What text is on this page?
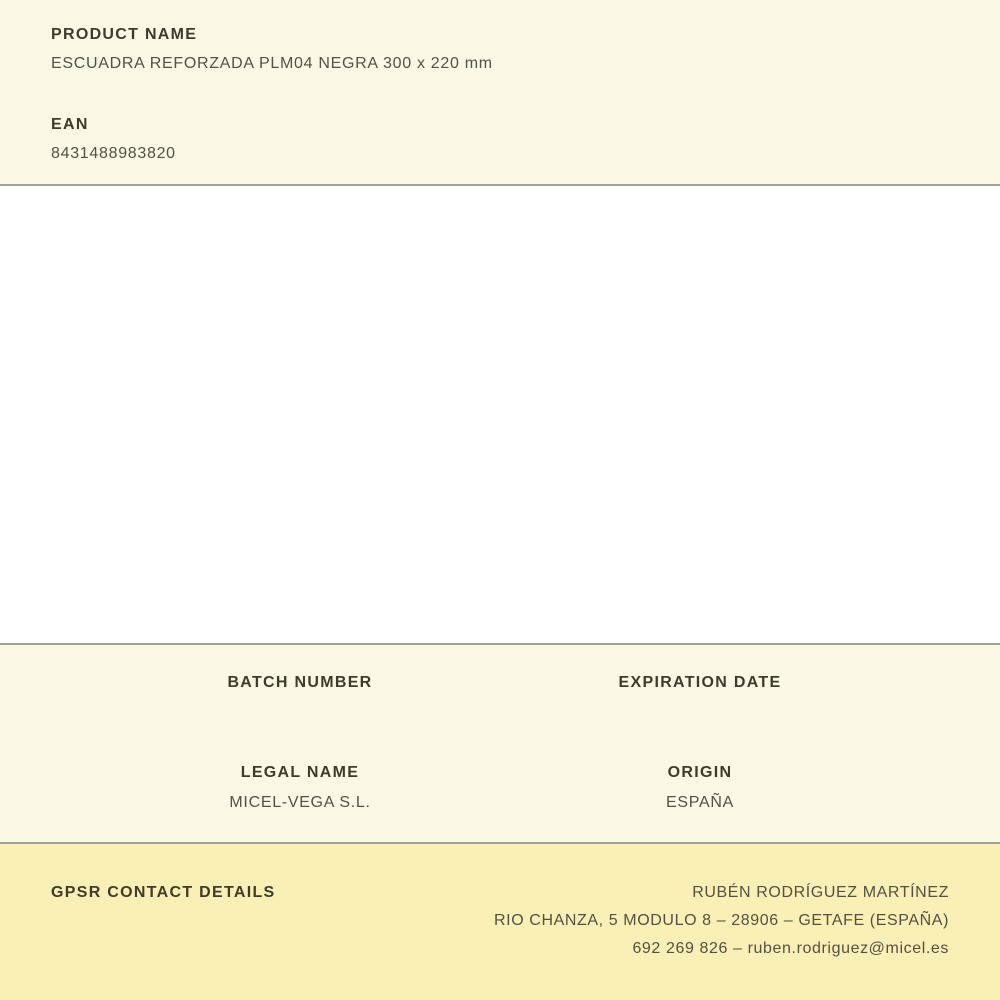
PRODUCT NAME
ESCUADRA REFORZADA PLM04 NEGRA 300 x 220 mm
EAN
8431488983820
BATCH NUMBER	EXPIRATION DATE
LEGAL NAME
MICEL-VEGA S.L.
ORIGIN
ESPAÑA
GPSR CONTACT DETAILS	RUBÉN RODRÍGUEZ MARTÍNEZ
RIO CHANZA, 5 MODULO 8 – 28906 – GETAFE (ESPAÑA)
692 269 826 – ruben.rodriguez@micel.es
